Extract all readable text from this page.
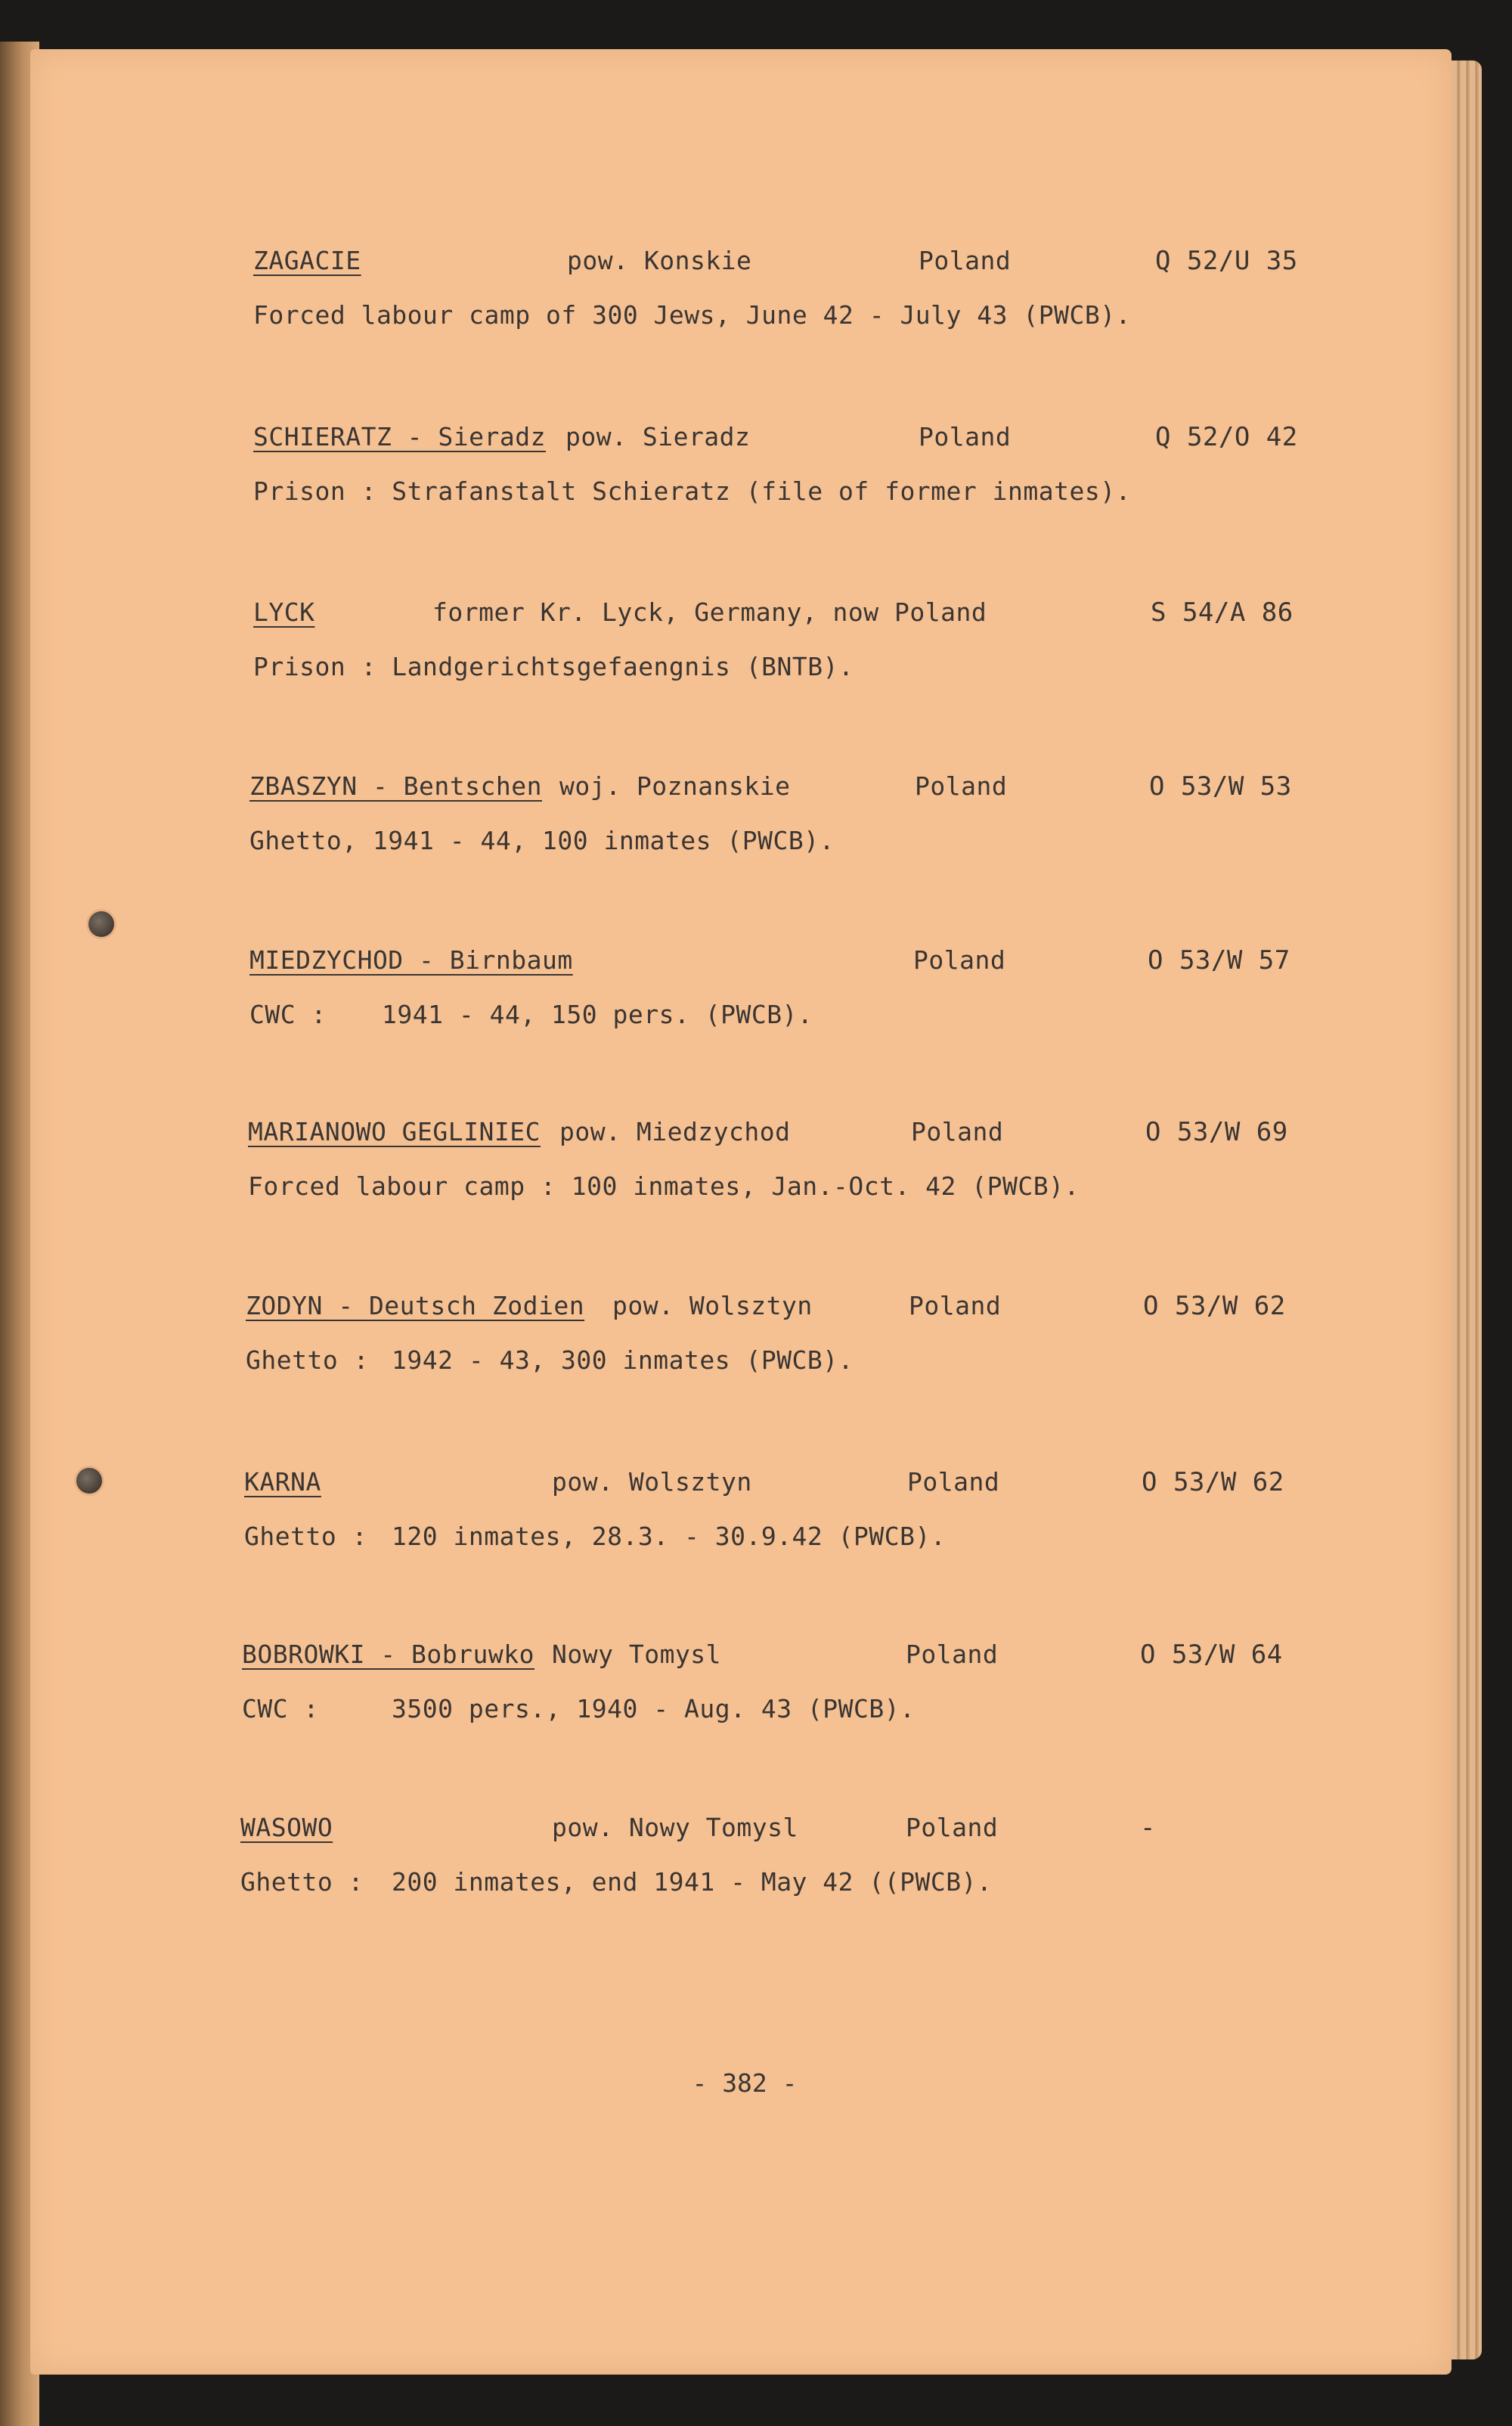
ZAGACIE	pow. Konskie	Poland	Q 52/U 35
Forced labour camp of 300 Jews, June 42 - July 43 (PWCB).
SCHIERATZ - Sieradz pow. Sieradz	Poland	Q 52/O 42
Prison : Strafanstalt Schieratz (file of former inmates).
LYCK	former Kr. Lyck, Germany, now Poland	S 54/A 86
Prison : Landgerichtsgefaengnis (BNTB).
ZBASZYN - Bentschen woj. Poznanskie	Poland	O 53/W 53
Ghetto, 1941 - 44, 100 inmates (PWCB).
MIEDZYCHOD - Birnbaum	Poland	O 53/W 57
CWC : 1941 - 44, 150 pers. (PWCB).
MARIANOWO GEGLINIEC pow. Miedzychod	Poland	O 53/W 69
Forced labour camp : 100 inmates, Jan.-Oct. 42 (PWCB).
ZODYN - Deutsch Zodien pow. Wolsztyn	Poland	O 53/W 62
Ghetto : 1942 - 43, 300 inmates (PWCB).
KARNA	pow. Wolsztyn	Poland	O 53/W 62
Ghetto : 120 inmates, 28.3. - 30.9.42 (PWCB).
BOBROWKI - Bobruwko Nowy Tomysl	Poland	O 53/W 64
CWC :	3500 pers., 1940 - Aug. 43 (PWCB).
WASOWO	pow. Nowy Tomysl	Poland	-
Ghetto : 200 inmates, end 1941 - May 42 ((PWCB).
- 382 -
